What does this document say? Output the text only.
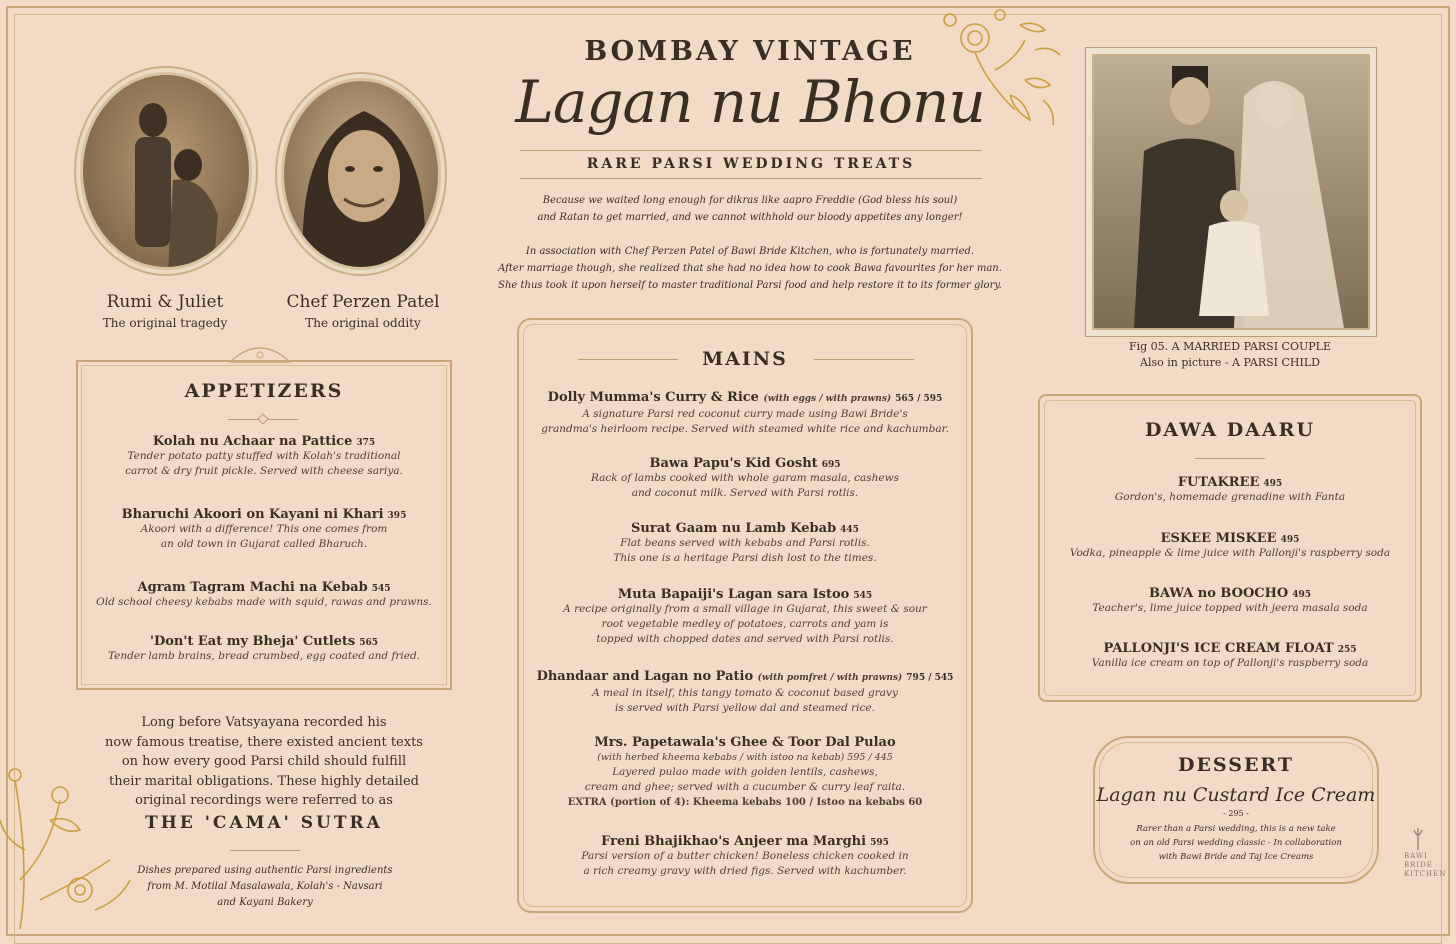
Rumi & Juliet
The original tragedy
Chef Perzen Patel
The original oddity
BOMBAY VINTAGE
Lagan nu Bhonu
RARE PARSI WEDDING TREATS
Because we waited long enough for dikras like aapro Freddie (God bless his soul)
and Ratan to get married, and we cannot withhold our bloody appetites any longer!
In association with Chef Perzen Patel of Bawi Bride Kitchen, who is fortunately married.
After marriage though, she realized that she had no idea how to cook Bawa favourites for her man.
She thus took it upon herself to master traditional Parsi food and help restore it to its former glory.
Fig 05. A MARRIED PARSI COUPLE
Also in picture - A PARSI CHILD
APPETIZERS
Kolah nu Achaar na Pattice 375
Tender potato patty stuffed with Kolah's traditional
carrot & dry fruit pickle. Served with cheese sariya.
Bharuchi Akoori on Kayani ni Khari 395
Akoori with a difference! This one comes from
an old town in Gujarat called Bharuch.
Agram Tagram Machi na Kebab 545
Old school cheesy kebabs made with squid, rawas and prawns.
'Don't Eat my Bheja' Cutlets 565
Tender lamb brains, bread crumbed, egg coated and fried.
Long before Vatsyayana recorded his
now famous treatise, there existed ancient texts
on how every good Parsi child should fulfill
their marital obligations. These highly detailed
original recordings were referred to as
THE 'CAMA' SUTRA
Dishes prepared using authentic Parsi ingredients
from M. Motilal Masalawala, Kolah's - Navsari
and Kayani Bakery
MAINS
Dolly Mumma's Curry & Rice (with eggs / with prawns) 565 / 595
A signature Parsi red coconut curry made using Bawi Bride's
grandma's heirloom recipe. Served with steamed white rice and kachumbar.
Bawa Papu's Kid Gosht 695
Rack of lambs cooked with whole garam masala, cashews
and coconut milk. Served with Parsi rotlis.
Surat Gaam nu Lamb Kebab 445
Flat beans served with kebabs and Parsi rotlis.
This one is a heritage Parsi dish lost to the times.
Muta Bapaiji's Lagan sara Istoo 545
A recipe originally from a small village in Gujarat, this sweet & sour
root vegetable medley of potatoes, carrots and yam is
topped with chopped dates and served with Parsi rotlis.
Dhandaar and Lagan no Patio (with pomfret / with prawns) 795 / 545
A meal in itself, this tangy tomato & coconut based gravy
is served with Parsi yellow dal and steamed rice.
Mrs. Papetawala's Ghee & Toor Dal Pulao
(with herbed kheema kebabs / with istoo na kebab) 595 / 445
Layered pulao made with golden lentils, cashews,
cream and ghee; served with a cucumber & curry leaf raita.
EXTRA (portion of 4): Kheema kebabs 100 / Istoo na kebabs 60
Freni Bhajikhao's Anjeer ma Marghi 595
Parsi version of a butter chicken! Boneless chicken cooked in
a rich creamy gravy with dried figs. Served with kachumber.
DAWA DAARU
FUTAKREE 495
Gordon's, homemade grenadine with Fanta
ESKEE MISKEE 495
Vodka, pineapple & lime juice with Pallonji's raspberry soda
BAWA no BOOCHO 495
Teacher's, lime juice topped with jeera masala soda
PALLONJI'S ICE CREAM FLOAT 255
Vanilla ice cream on top of Pallonji's raspberry soda
DESSERT
Lagan nu Custard Ice Cream
- 295 -
Rarer than a Parsi wedding, this is a new take
on an old Parsi wedding classic - In collaboration
with Bawi Bride and Taj Ice Creams	BAWI
BRIDE
KITCHEN
